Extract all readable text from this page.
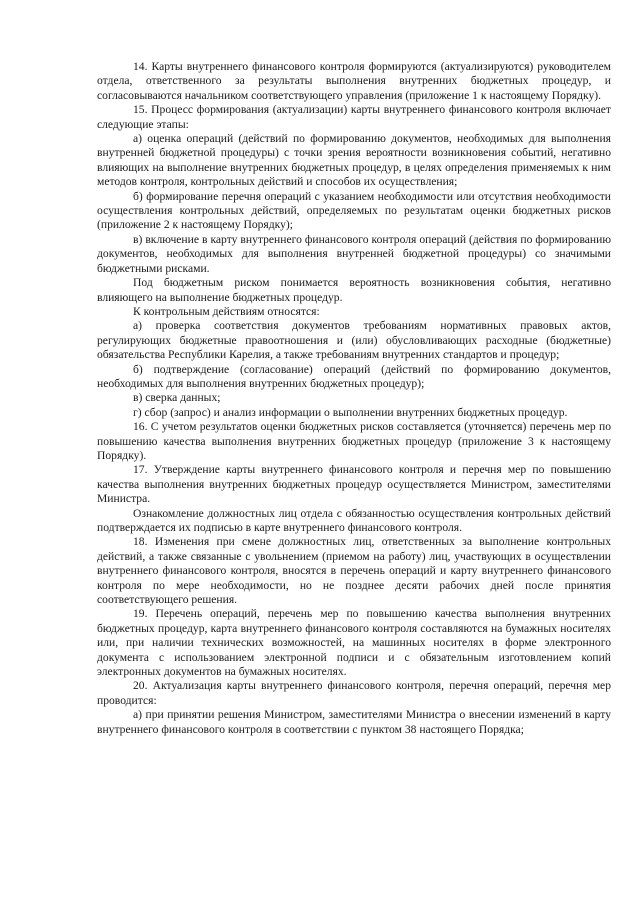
14. Карты внутреннего финансового контроля формируются (актуализируются) руководителем отдела, ответственного за результаты выполнения внутренних бюджетных процедур, и согласовываются начальником соответствующего управления (приложение 1 к настоящему Порядку).

15. Процесс формирования (актуализации) карты внутреннего финансового контроля включает следующие этапы:

а) оценка операций (действий по формированию документов, необходимых для выполнения внутренней бюджетной процедуры) с точки зрения вероятности возникновения событий, негативно влияющих на выполнение внутренних бюджетных процедур, в целях определения применяемых к ним методов контроля, контрольных действий и способов их осуществления;

б) формирование перечня операций с указанием необходимости или отсутствия необходимости осуществления контрольных действий, определяемых по результатам оценки бюджетных рисков (приложение 2 к настоящему Порядку);

в) включение в карту внутреннего финансового контроля операций (действия по формированию документов, необходимых для выполнения внутренней бюджетной процедуры) со значимыми бюджетными рисками.

Под бюджетным риском понимается вероятность возникновения события, негативно влияющего на выполнение бюджетных процедур.

К контрольным действиям относятся:

а) проверка соответствия документов требованиям нормативных правовых актов, регулирующих бюджетные правоотношения и (или) обусловливающих расходные (бюджетные) обязательства Республики Карелия, а также требованиям внутренних стандартов и процедур;

б) подтверждение (согласование) операций (действий по формированию документов, необходимых для выполнения внутренних бюджетных процедур);

в) сверка данных;

г) сбор (запрос) и анализ информации о выполнении внутренних бюджетных процедур.

16. С учетом результатов оценки бюджетных рисков составляется (уточняется) перечень мер по повышению качества выполнения внутренних бюджетных процедур (приложение 3 к настоящему Порядку).

17. Утверждение карты внутреннего финансового контроля и перечня мер по повышению качества выполнения внутренних бюджетных процедур осуществляется Министром, заместителями Министра.

Ознакомление должностных лиц отдела с обязанностью осуществления контрольных действий подтверждается их подписью в карте внутреннего финансового контроля.

18. Изменения при смене должностных лиц, ответственных за выполнение контрольных действий, а также связанные с увольнением (приемом на работу) лиц, участвующих в осуществлении внутреннего финансового контроля, вносятся в перечень операций и карту внутреннего финансового контроля по мере необходимости, но не позднее десяти рабочих дней после принятия соответствующего решения.

19. Перечень операций, перечень мер по повышению качества выполнения внутренних бюджетных процедур, карта внутреннего финансового контроля составляются на бумажных носителях или, при наличии технических возможностей, на машинных носителях в форме электронного документа с использованием электронной подписи и с обязательным изготовлением копий электронных документов на бумажных носителях.

20. Актуализация карты внутреннего финансового контроля, перечня операций, перечня мер проводится:

а) при принятии решения Министром, заместителями Министра о внесении изменений в карту внутреннего финансового контроля в соответствии с пунктом 38 настоящего Порядка;
